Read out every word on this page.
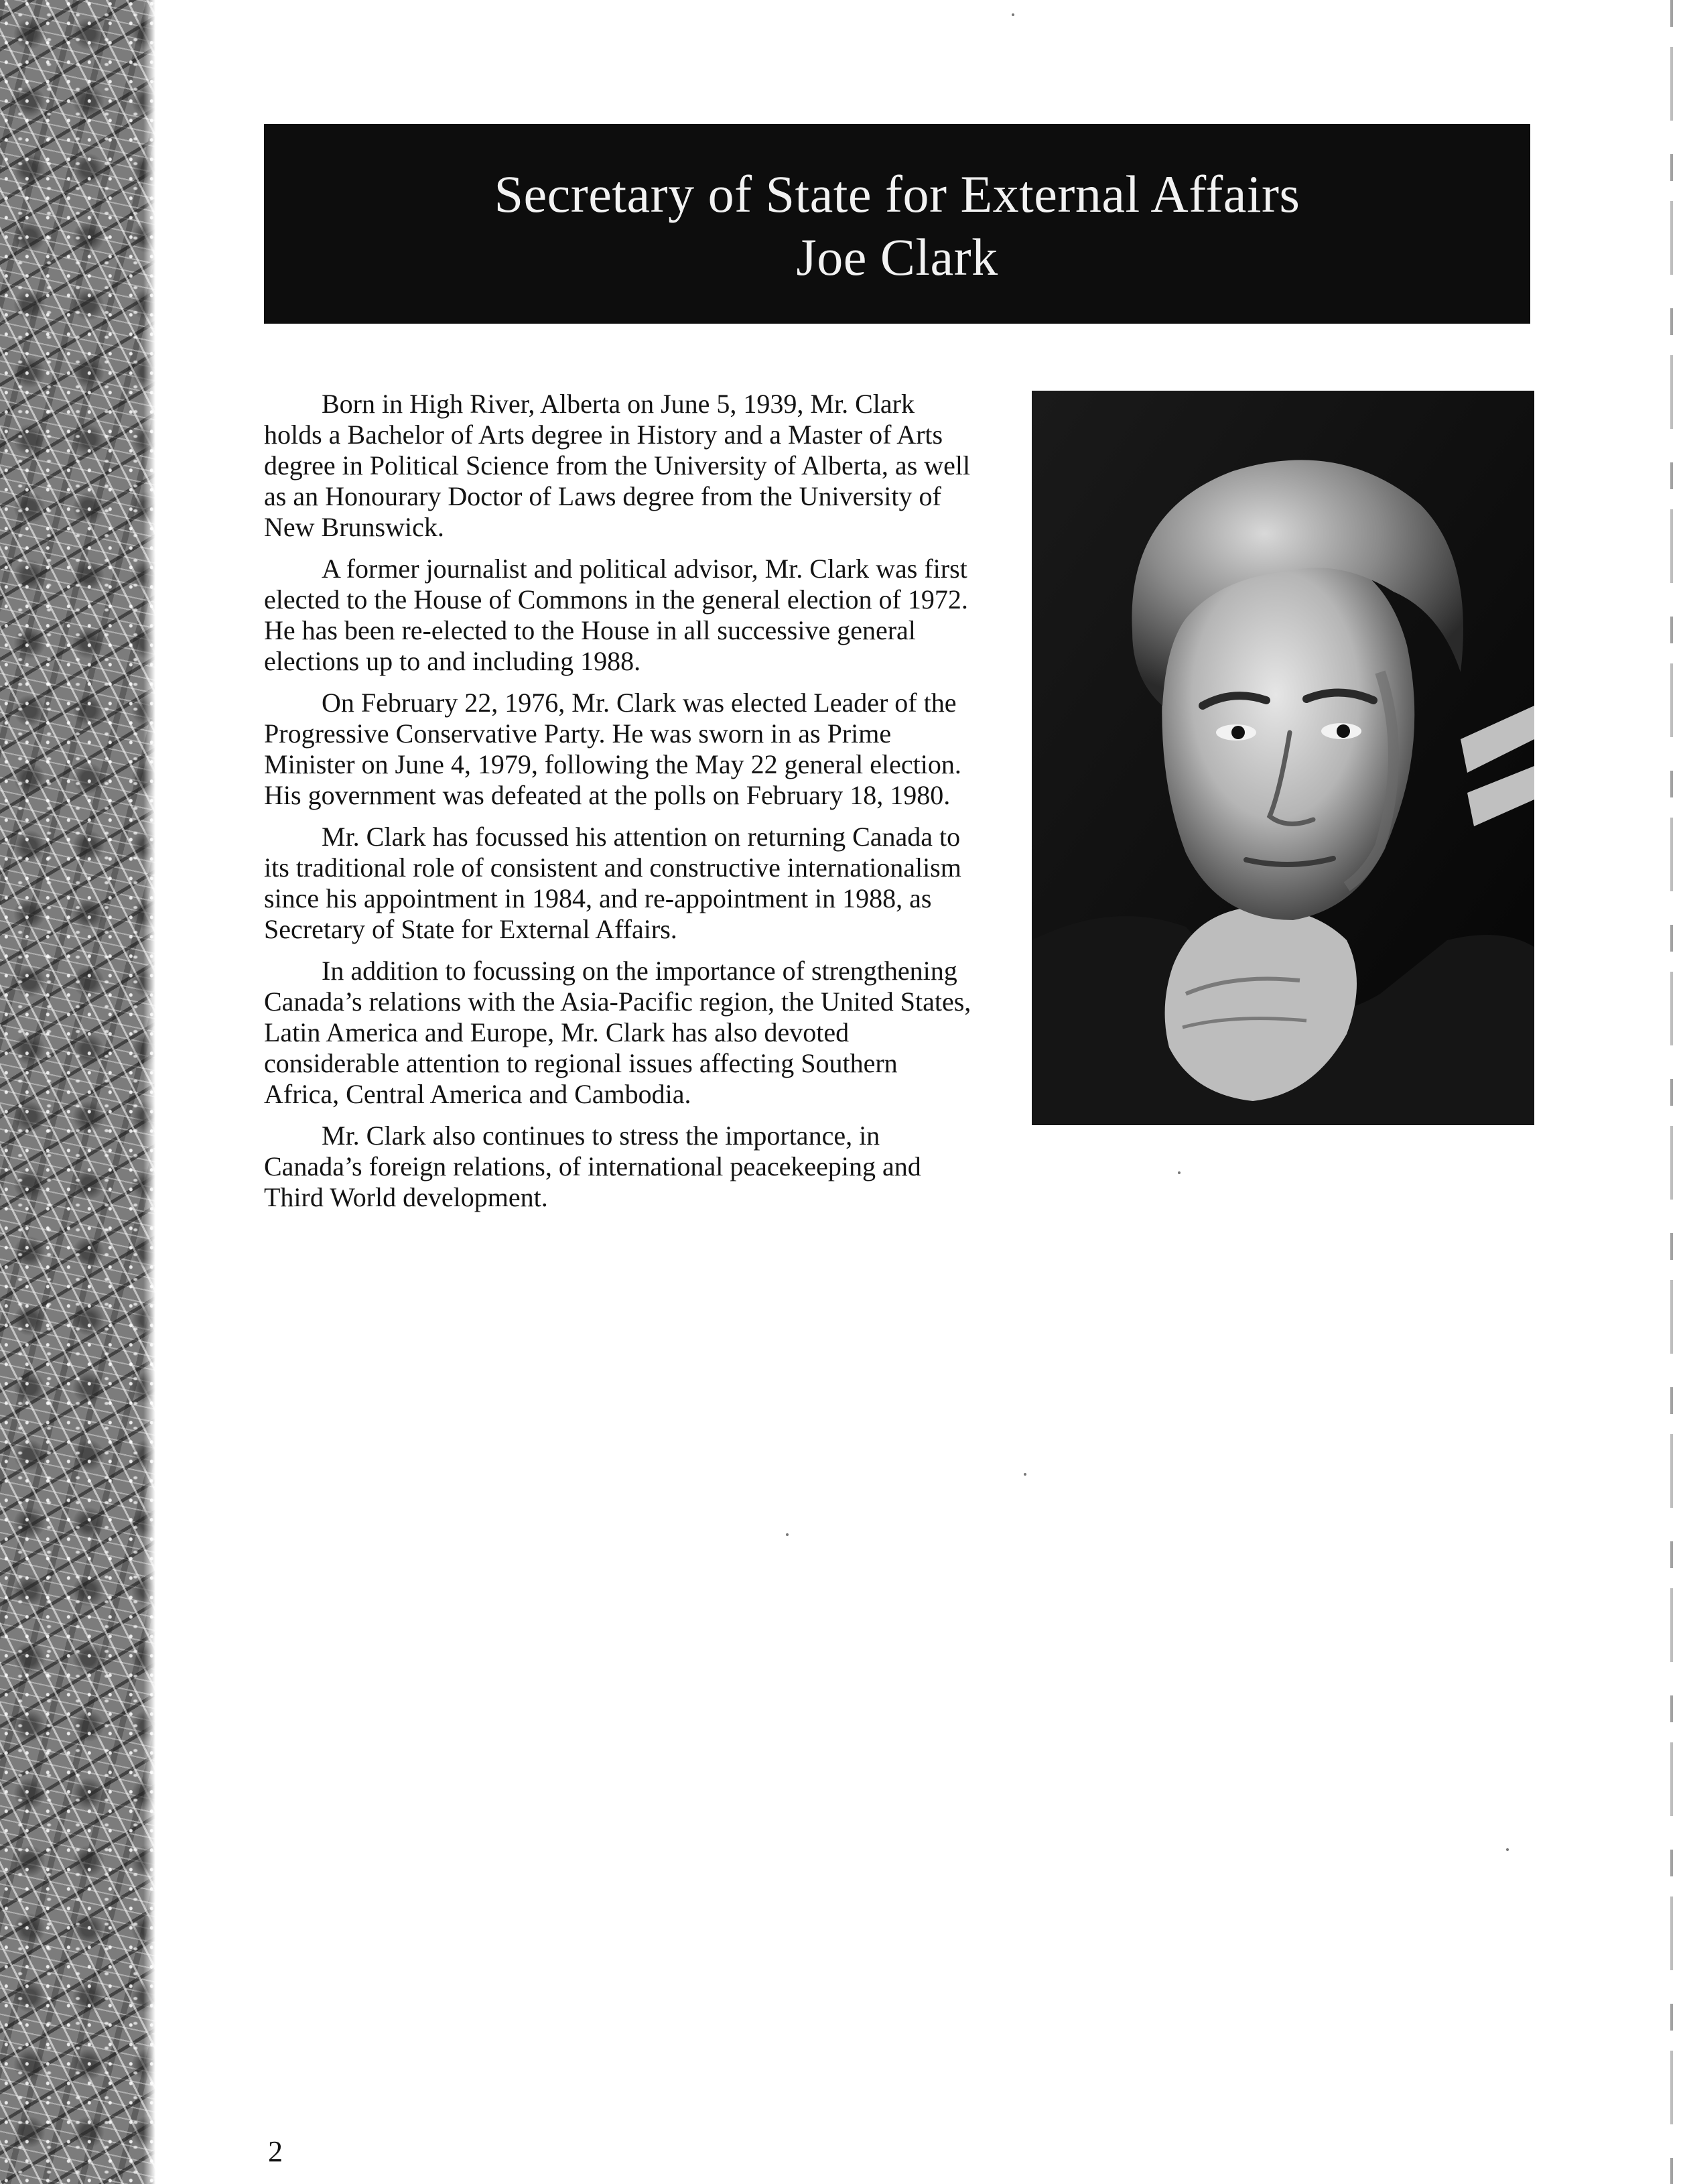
Secretary of State for External Affairs
Joe Clark

Born in High River, Alberta on June 5, 1939, Mr. Clark holds a Bachelor of Arts degree in History and a Master of Arts degree in Political Science from the University of Alberta, as well as an Honourary Doctor of Laws degree from the University of New Brunswick.

A former journalist and political advisor, Mr. Clark was first elected to the House of Commons in the general election of 1972. He has been re-elected to the House in all successive general elections up to and including 1988.

On February 22, 1976, Mr. Clark was elected Leader of the Progressive Conservative Party. He was sworn in as Prime Minister on June 4, 1979, following the May 22 general election. His government was defeated at the polls on February 18, 1980.

Mr. Clark has focussed his attention on returning Canada to its traditional role of consistent and constructive internationalism since his appointment in 1984, and re-appointment in 1988, as Secretary of State for External Affairs.

In addition to focussing on the importance of strengthening Canada’s relations with the Asia-Pacific region, the United States, Latin America and Europe, Mr. Clark has also devoted considerable attention to regional issues affecting Southern Africa, Central America and Cambodia.

Mr. Clark also continues to stress the importance, in Canada’s foreign relations, of international peacekeeping and Third World development.

2
